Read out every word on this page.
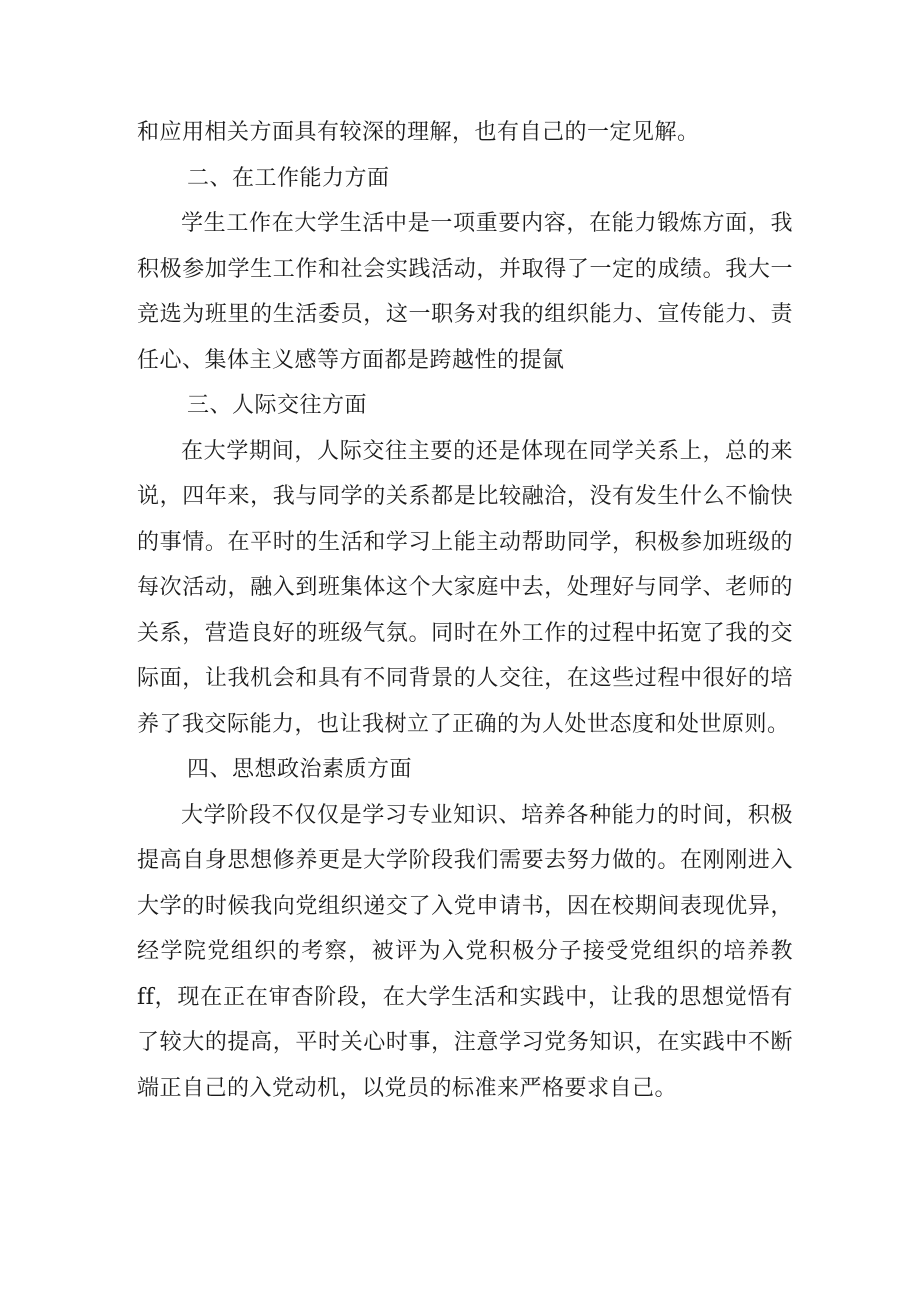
和应用相关方面具有较深的理解，也有自己的一定见解。

二、在工作能力方面

学生工作在大学生活中是一项重要内容，在能力锻炼方面，我积极参加学生工作和社会实践活动，并取得了一定的成绩。我大一竞选为班里的生活委员，这一职务对我的组织能力、宣传能力、责任心、集体主义感等方面都是跨越性的提氤

三、人际交往方面

在大学期间，人际交往主要的还是体现在同学关系上，总的来说，四年来，我与同学的关系都是比较融洽，没有发生什么不愉快的事情。在平时的生活和学习上能主动帮助同学，积极参加班级的每次活动，融入到班集体这个大家庭中去，处理好与同学、老师的关系，营造良好的班级气氛。同时在外工作的过程中拓宽了我的交际面，让我机会和具有不同背景的人交往，在这些过程中很好的培养了我交际能力，也让我树立了正确的为人处世态度和处世原则。

四、思想政治素质方面

大学阶段不仅仅是学习专业知识、培养各种能力的时间，积极提高自身思想修养更是大学阶段我们需要去努力做的。在刚刚进入大学的时候我向党组织递交了入党申请书，因在校期间表现优异，经学院党组织的考察，被评为入党积极分子接受党组织的培养教ff，现在正在审杳阶段，在大学生活和实践中，让我的思想觉悟有了较大的提高，平时关心时事，注意学习党务知识，在实践中不断端正自己的入党动机，以党员的标准来严格要求自己。
